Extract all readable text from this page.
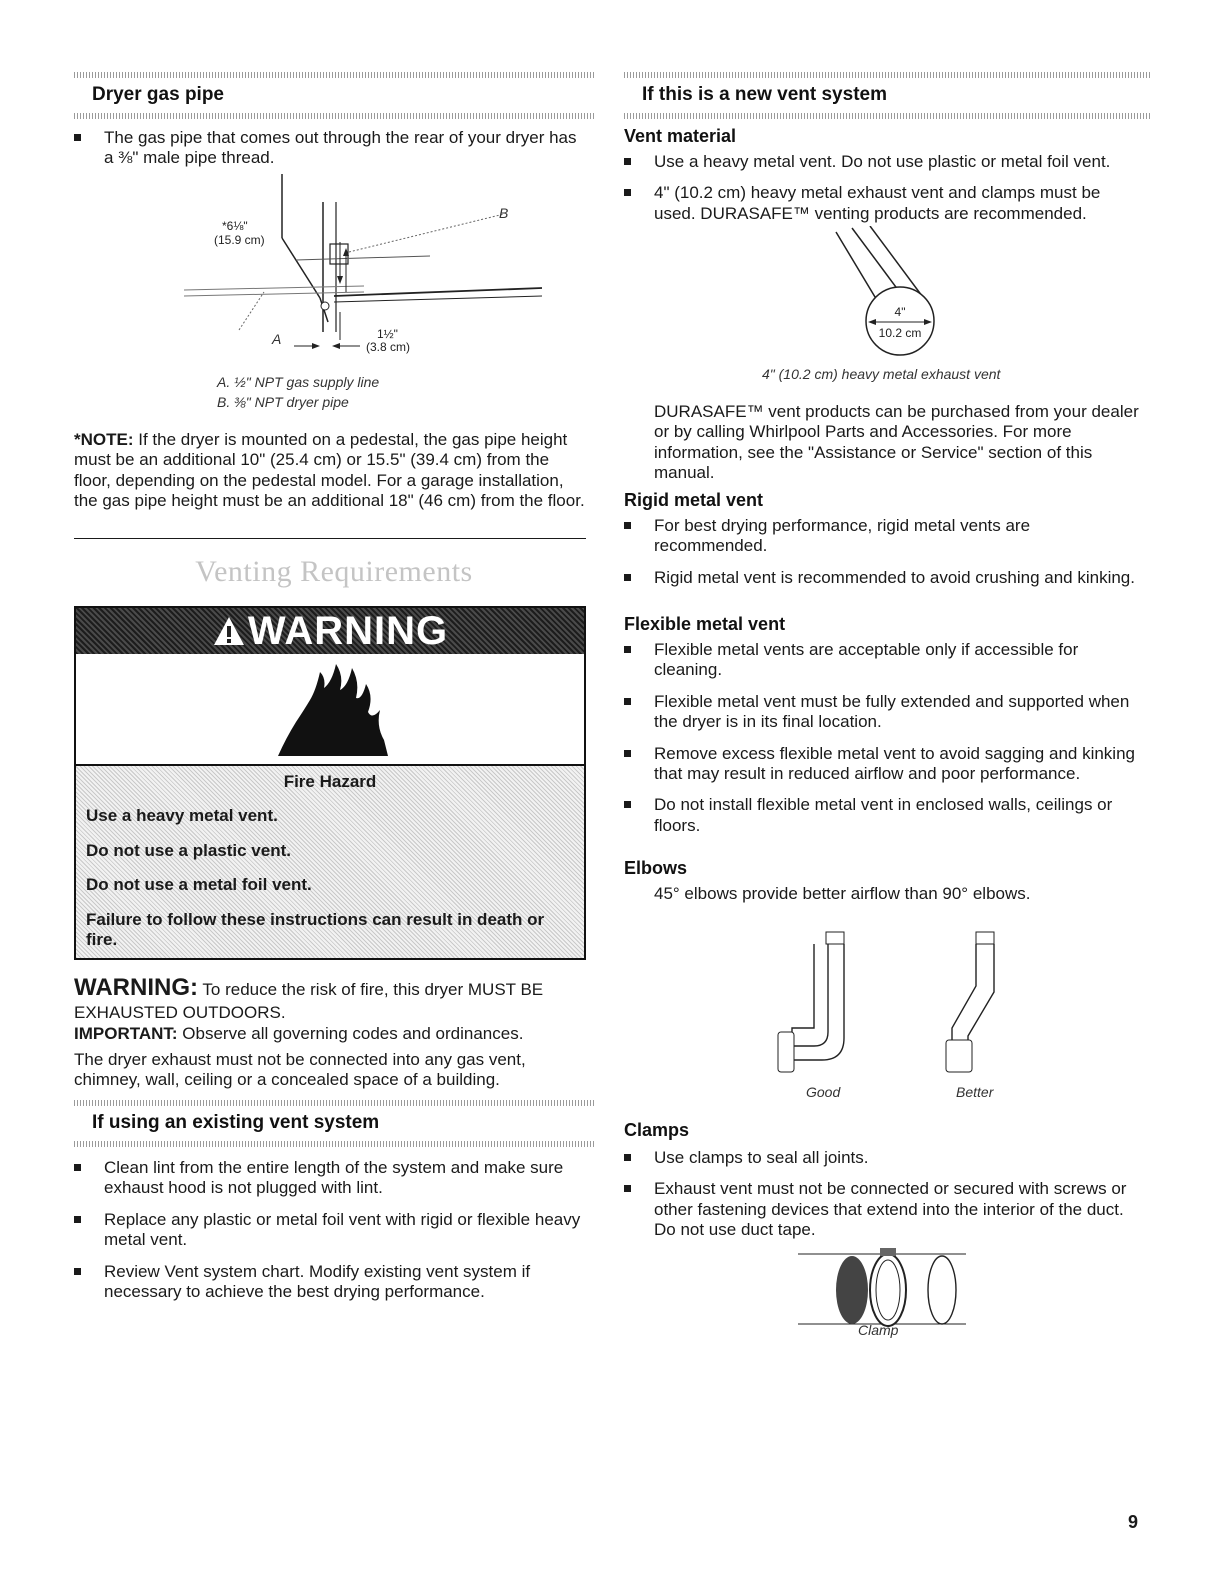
Dryer gas pipe
The gas pipe that comes out through the rear of your dryer has a ⅜" male pipe thread.
B
A
*6⅛"
(15.9 cm)
1½"
(3.8 cm)
A. ½" NPT gas supply line
B. ⅜" NPT dryer pipe
*NOTE: If the dryer is mounted on a pedestal, the gas pipe height must be an additional 10" (25.4 cm) or 15.5" (39.4 cm) from the floor, depending on the pedestal model. For a garage installation, the gas pipe height must be an additional 18" (46 cm) from the floor.
Venting Requirements
WARNING
Fire Hazard
Use a heavy metal vent.
Do not use a plastic vent.
Do not use a metal foil vent.
Failure to follow these instructions can result in death or fire.
WARNING: To reduce the risk of fire, this dryer MUST BE EXHAUSTED OUTDOORS.
IMPORTANT: Observe all governing codes and ordinances.
The dryer exhaust must not be connected into any gas vent, chimney, wall, ceiling or a concealed space of a building.
If using an existing vent system
Clean lint from the entire length of the system and make sure exhaust hood is not plugged with lint.
Replace any plastic or metal foil vent with rigid or flexible heavy metal vent.
Review Vent system chart. Modify existing vent system if necessary to achieve the best drying performance.
If this is a new vent system
Vent material
Use a heavy metal vent. Do not use plastic or metal foil vent.
4" (10.2 cm) heavy metal exhaust vent and clamps must be used. DURASAFE™ venting products are recommended.
4"
10.2 cm
4" (10.2 cm) heavy metal exhaust vent
DURASAFE™ vent products can be purchased from your dealer or by calling Whirlpool Parts and Accessories. For more information, see the "Assistance or Service" section of this manual.
Rigid metal vent
For best drying performance, rigid metal vents are recommended.
Rigid metal vent is recommended to avoid crushing and kinking.
Flexible metal vent
Flexible metal vents are acceptable only if accessible for cleaning.
Flexible metal vent must be fully extended and supported when the dryer is in its final location.
Remove excess flexible metal vent to avoid sagging and kinking that may result in reduced airflow and poor performance.
Do not install flexible metal vent in enclosed walls, ceilings or floors.
Elbows
45° elbows provide better airflow than 90° elbows.
Good	Better
Clamps
Use clamps to seal all joints.
Exhaust vent must not be connected or secured with screws or other fastening devices that extend into the interior of the duct. Do not use duct tape.
Clamp
9
